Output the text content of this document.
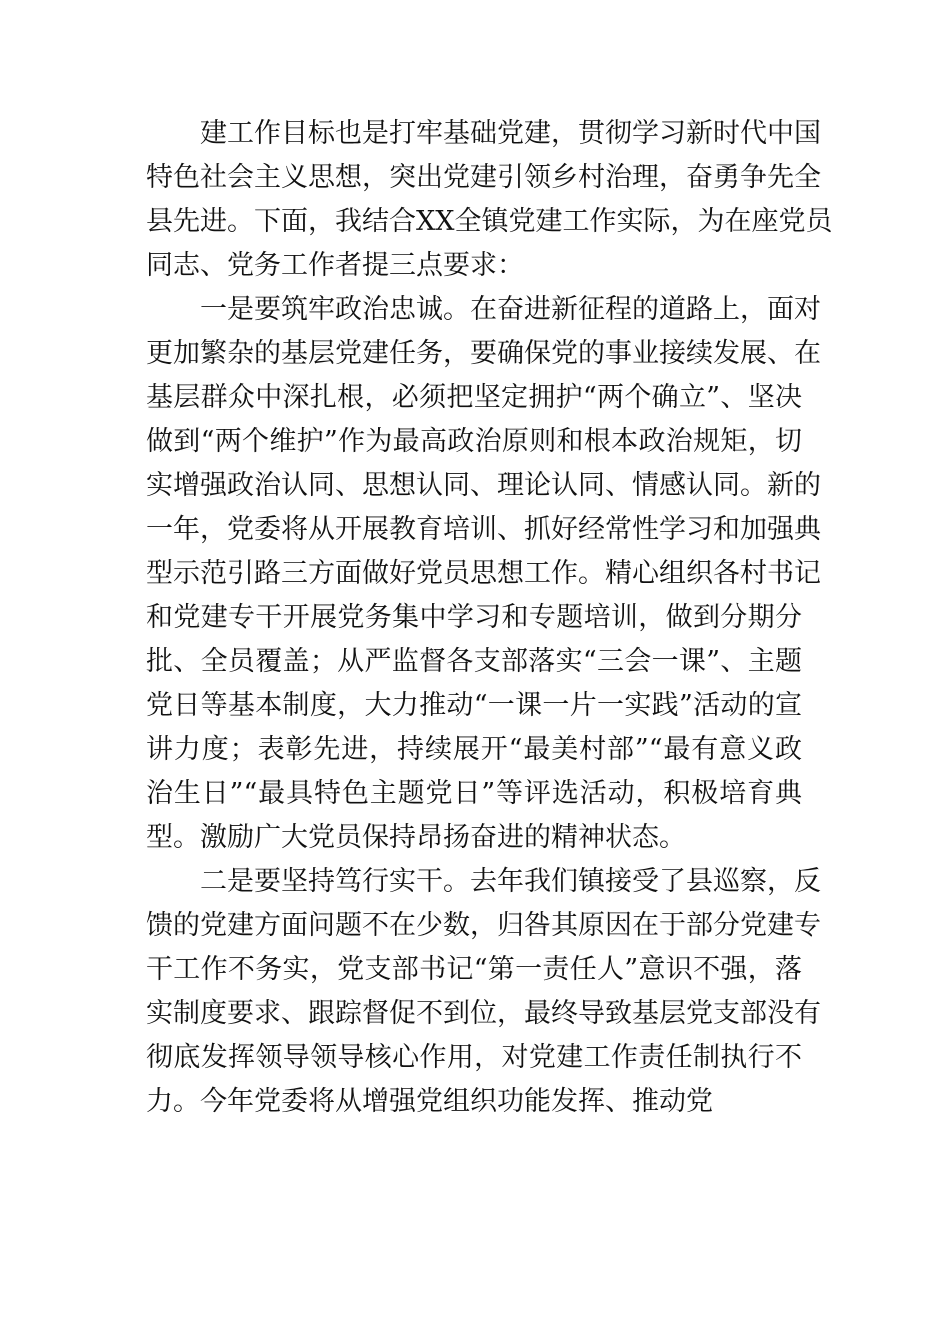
建工作目标也是打牢基础党建，贯彻学习新时代中国
特色社会主义思想，突出党建引领乡村治理，奋勇争先全
县先进。下面，我结合XX全镇党建工作实际，为在座党员
同志、党务工作者提三点要求：
一是要筑牢政治忠诚。在奋进新征程的道路上，面对
更加繁杂的基层党建任务，要确保党的事业接续发展、在
基层群众中深扎根，必须把坚定拥护“两个确立”、坚决
做到“两个维护”作为最高政治原则和根本政治规矩，切
实增强政治认同、思想认同、理论认同、情感认同。新的
一年，党委将从开展教育培训、抓好经常性学习和加强典
型示范引路三方面做好党员思想工作。精心组织各村书记
和党建专干开展党务集中学习和专题培训，做到分期分
批、全员覆盖；从严监督各支部落实“三会一课”、主题
党日等基本制度，大力推动“一课一片一实践”活动的宣
讲力度；表彰先进，持续展开“最美村部”“最有意义政
治生日”“最具特色主题党日”等评选活动，积极培育典
型。激励广大党员保持昂扬奋进的精神状态。
二是要坚持笃行实干。去年我们镇接受了县巡察，反
馈的党建方面问题不在少数，归咎其原因在于部分党建专
干工作不务实，党支部书记“第一责任人”意识不强，落
实制度要求、跟踪督促不到位，最终导致基层党支部没有
彻底发挥领导领导核心作用，对党建工作责任制执行不
力。今年党委将从增强党组织功能发挥、推动党
